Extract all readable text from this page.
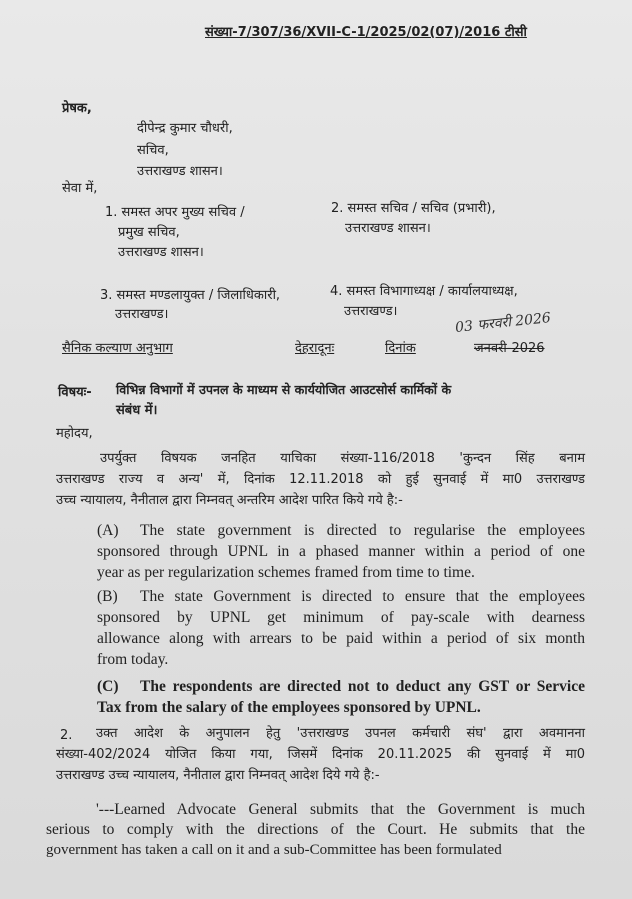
संख्या-7/307/36/XVII-C-1/2025/02(07)/2016 टीसी
प्रेषक,
दीपेन्द्र कुमार चौधरी,
सचिव,
उत्तराखण्ड शासन।
सेवा में,
1. समस्त अपर मुख्य सचिव /
प्रमुख सचिव,
उत्तराखण्ड शासन।
2. समस्त सचिव / सचिव (प्रभारी),
उत्तराखण्ड शासन।
3. समस्त मण्डलायुक्त / जिलाधिकारी,
उत्तराखण्ड।
4. समस्त विभागाध्यक्ष / कार्यालयाध्यक्ष,
उत्तराखण्ड।	03 फरवरी 2026
सैनिक कल्याण अनुभाग	देहरादूनः	दिनांक	जनवरी-2026
विषयः- विभिन्न विभागों में उपनल के माध्यम से कार्ययोजित आउटसोर्स कार्मिकों के
संबंध में।
महोदय,
उपर्युक्त विषयक जनहित याचिका संख्या-116/2018 'कुन्दन सिंह बनाम
उत्तराखण्ड राज्य व अन्य' में, दिनांक 12.11.2018 को हुई सुनवाई में मा0 उत्तराखण्ड
उच्च न्यायालय, नैनीताल द्वारा निम्नवत् अन्तरिम आदेश पारित किये गये है:-
(A) The state government is directed to regularise the employees
sponsored through UPNL in a phased manner within a period of one
year as per regularization schemes framed from time to time.
(B) The state Government is directed to ensure that the employees
sponsored by UPNL get minimum of pay-scale with dearness
allowance along with arrears to be paid within a period of six month
from today.
(C) The respondents are directed not to deduct any GST or Service
Tax from the salary of the employees sponsored by UPNL.
2. उक्त आदेश के अनुपालन हेतु 'उत्तराखण्ड उपनल कर्मचारी संघ' द्वारा अवमानना
संख्या-402/2024 योजित किया गया, जिसमें दिनांक 20.11.2025 की सुनवाई में मा0
उत्तराखण्ड उच्च न्यायालय, नैनीताल द्वारा निम्नवत् आदेश दिये गये है:-
'---Learned Advocate General submits that the Government is much
serious to comply with the directions of the Court. He submits that the
government has taken a call on it and a sub-Committee has been formulated
